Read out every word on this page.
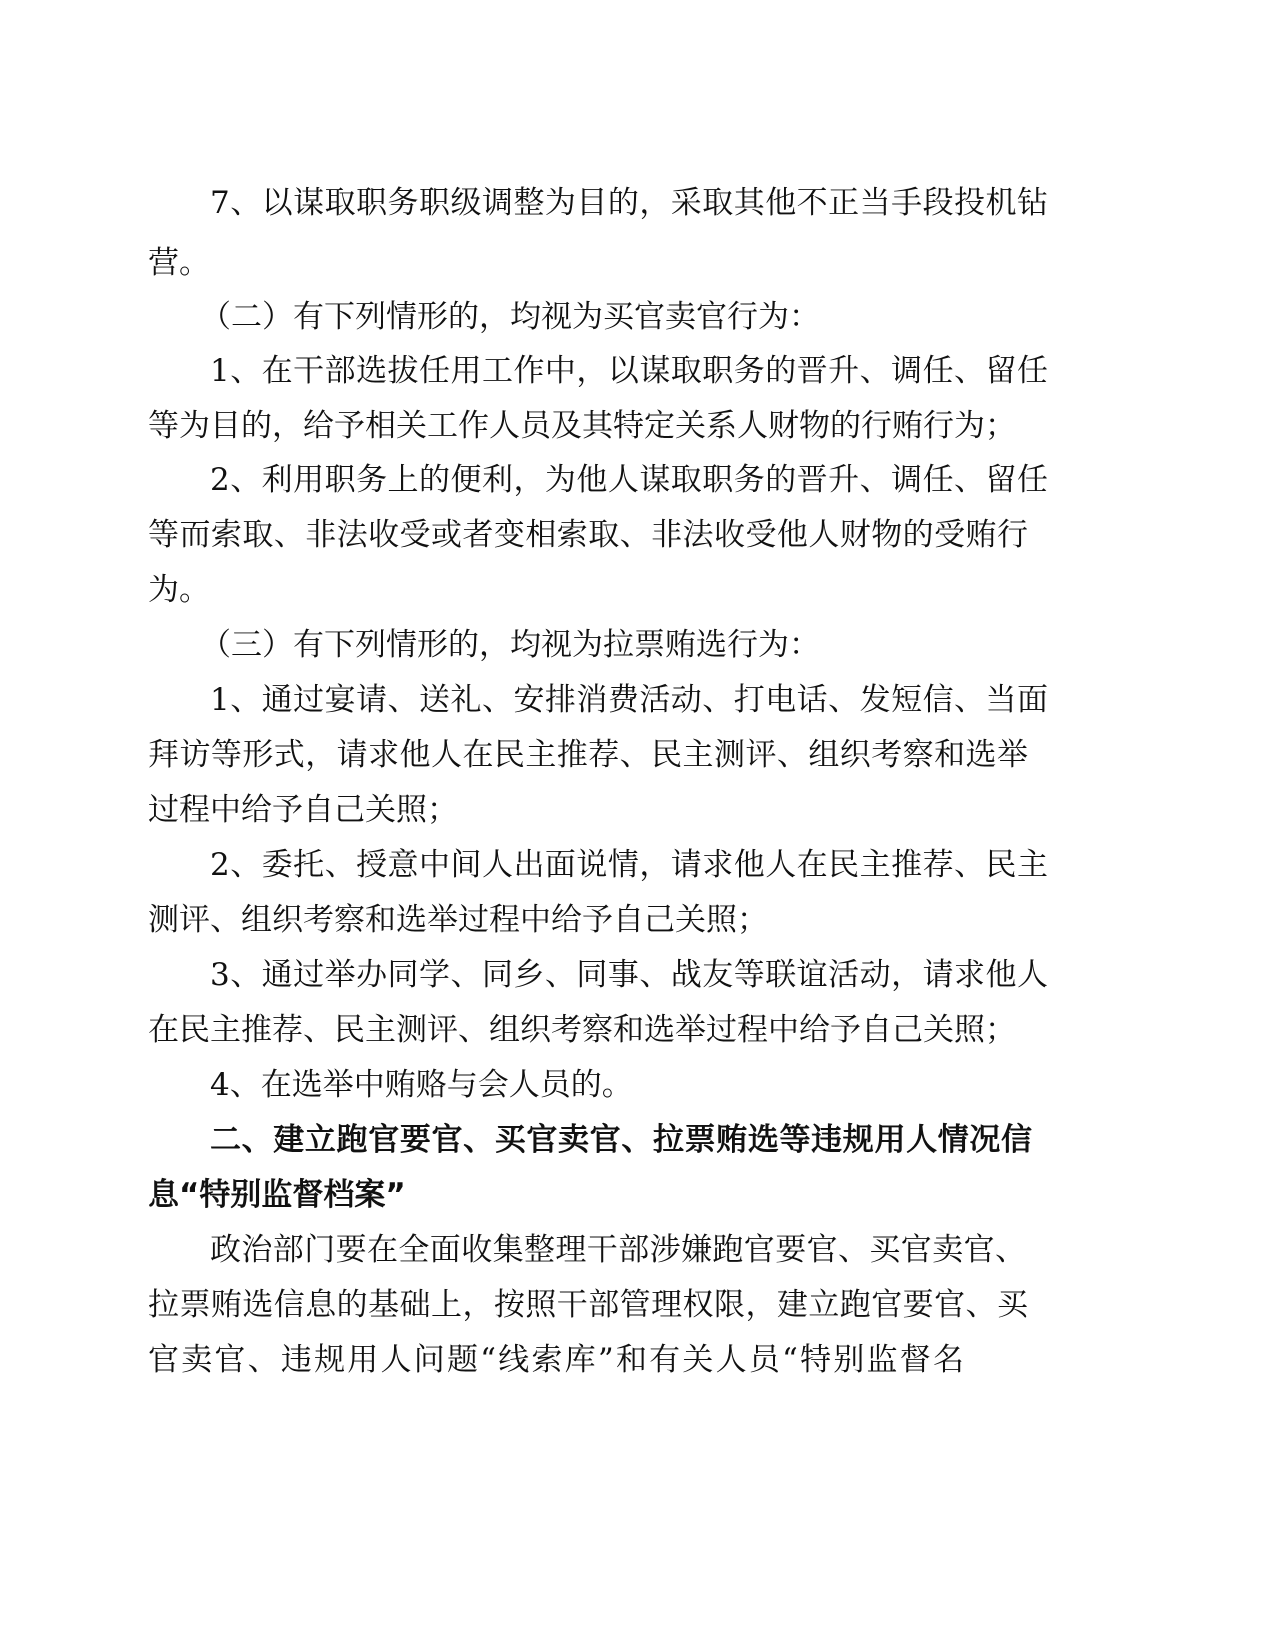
7、以谋取职务职级调整为目的，采取其他不正当手段投机钻

营。

（二）有下列情形的，均视为买官卖官行为：

1、在干部选拔任用工作中，以谋取职务的晋升、调任、留任

等为目的，给予相关工作人员及其特定关系人财物的行贿行为；

2、利用职务上的便利，为他人谋取职务的晋升、调任、留任

等而索取、非法收受或者变相索取、非法收受他人财物的受贿行

为。

（三）有下列情形的，均视为拉票贿选行为：

1、通过宴请、送礼、安排消费活动、打电话、发短信、当面

拜访等形式，请求他人在民主推荐、民主测评、组织考察和选举

过程中给予自己关照；

2、委托、授意中间人出面说情，请求他人在民主推荐、民主

测评、组织考察和选举过程中给予自己关照；

3、通过举办同学、同乡、同事、战友等联谊活动，请求他人

在民主推荐、民主测评、组织考察和选举过程中给予自己关照；

4、在选举中贿赂与会人员的。

二、建立跑官要官、买官卖官、拉票贿选等违规用人情况信

息“特别监督档案”

政治部门要在全面收集整理干部涉嫌跑官要官、买官卖官、

拉票贿选信息的基础上，按照干部管理权限，建立跑官要官、买

官卖官、违规用人问题“线索库”和有关人员“特别监督名
